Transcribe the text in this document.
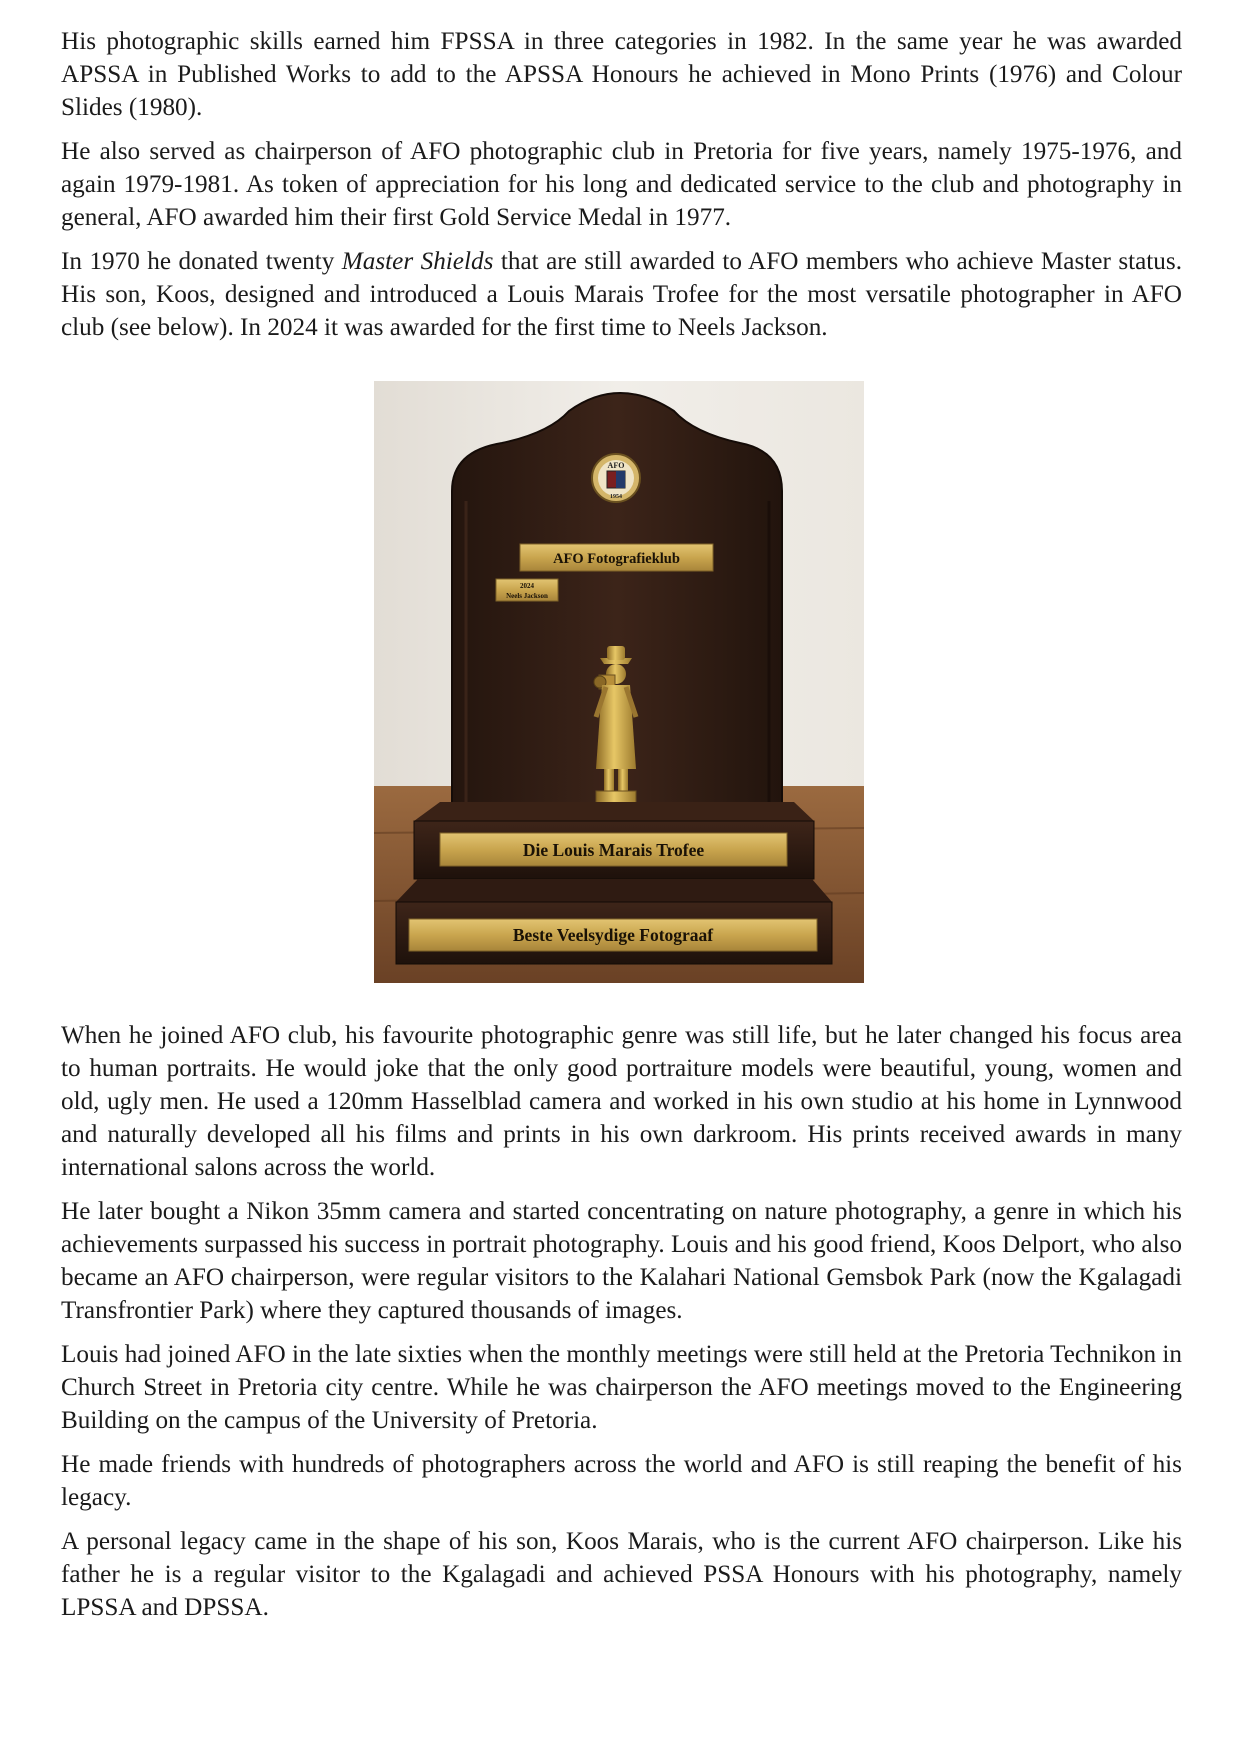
His photographic skills earned him FPSSA in three categories in 1982. In the same year he was awarded APSSA in Published Works to add to the APSSA Honours he achieved in Mono Prints (1976) and Colour Slides (1980).

He also served as chairperson of AFO photographic club in Pretoria for five years, namely 1975-1976, and again 1979-1981. As token of appreciation for his long and dedicated service to the club and photography in general, AFO awarded him their first Gold Service Medal in 1977.

In 1970 he donated twenty Master Shields that are still awarded to AFO members who achieve Master status. His son, Koos, designed and introduced a Louis Marais Trofee for the most versatile photographer in AFO club (see below). In 2024 it was awarded for the first time to Neels Jackson.

AFO
1954
AFO Fotografieklub
2024
Neels Jackson
Die Louis Marais Trofee
Beste Veelsydige Fotograaf

When he joined AFO club, his favourite photographic genre was still life, but he later changed his focus area to human portraits. He would joke that the only good portraiture models were beautiful, young, women and old, ugly men. He used a 120mm Hasselblad camera and worked in his own studio at his home in Lynnwood and naturally developed all his films and prints in his own darkroom. His prints received awards in many international salons across the world.

He later bought a Nikon 35mm camera and started concentrating on nature photography, a genre in which his achievements surpassed his success in portrait photography. Louis and his good friend, Koos Delport, who also became an AFO chairperson, were regular visitors to the Kalahari National Gemsbok Park (now the Kgalagadi Transfrontier Park) where they captured thousands of images.

Louis had joined AFO in the late sixties when the monthly meetings were still held at the Pretoria Technikon in Church Street in Pretoria city centre. While he was chairperson the AFO meetings moved to the Engineering Building on the campus of the University of Pretoria.

He made friends with hundreds of photographers across the world and AFO is still reaping the benefit of his legacy.

A personal legacy came in the shape of his son, Koos Marais, who is the current AFO chairperson. Like his father he is a regular visitor to the Kgalagadi and achieved PSSA Honours with his photography, namely LPSSA and DPSSA.
